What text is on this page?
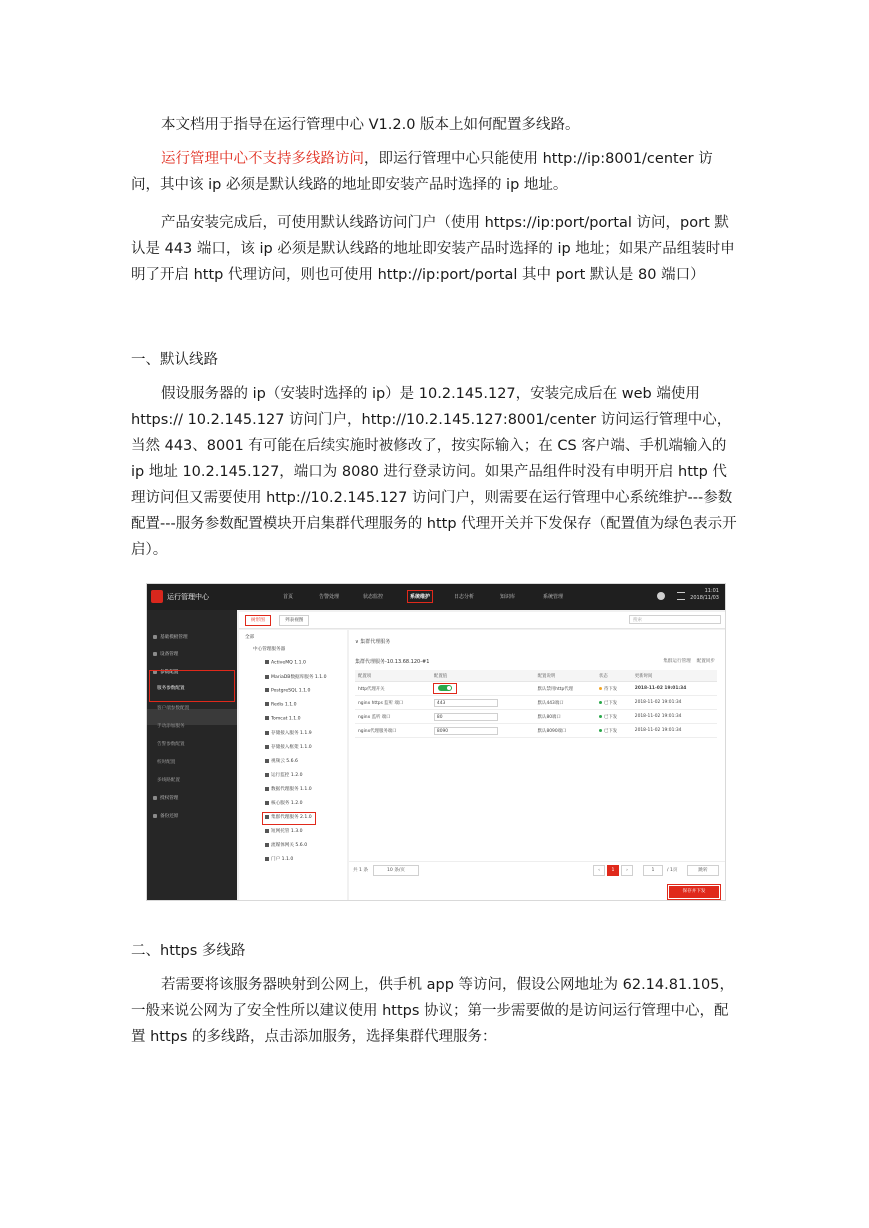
本文档用于指导在运行管理中心 V1.2.0 版本上如何配置多线路。

运行管理中心不支持多线路访问，即运行管理中心只能使用 http://ip:8001/center 访问，其中该 ip 必须是默认线路的地址即安装产品时选择的 ip 地址。

产品安装完成后，可使用默认线路访问门户（使用 https://ip:port/portal 访问，port 默认是 443 端口，该 ip 必须是默认线路的地址即安装产品时选择的 ip 地址；如果产品组装时申明了开启 http 代理访问，则也可使用 http://ip:port/portal 其中 port 默认是 80 端口）

一、默认线路

假设服务器的 ip（安装时选择的 ip）是 10.2.145.127，安装完成后在 web 端使用 https:// 10.2.145.127 访问门户，http://10.2.145.127:8001/center 访问运行管理中心，当然 443、8001 有可能在后续实施时被修改了，按实际输入；在 CS 客户端、手机端输入的 ip 地址 10.2.145.127，端口为 8080 进行登录访问。如果产品组件时没有申明开启 http 代理访问但又需要使用 http://10.2.145.127 访问门户，则需要在运行管理中心系统维护---参数配置---服务参数配置模块开启集群代理服务的 http 代理开关并下发保存（配置值为绿色表示开启）。

运行管理中心	首页	告警处理	状态监控	系统维护	日志分析	知识库	系统管理
11:01
2018/11/03
基础模板管理
设备管理
参数配置
服务参数配置
客户端参数配置
手动添加服务
告警参数配置
校时配置
多线路配置
授权管理
备份还原
树形图	列表视图	搜索
全部
中心管理服务器
ActiveMQ 1.1.0
MariaDB数据库服务 1.1.0
PostgreSQL 1.1.0
Redis 1.1.0
Tomcat 1.1.0
存储接入服务 1.1.9
存储接入框架 1.1.0
视频云 5.6.6
运行监控 1.2.0
数据代理服务 1.1.0
核心服务 1.2.0
集群代理服务 2.1.0
短网托管 1.3.0
流媒体网关 5.6.0
门户 1.1.0
∨ 集群代理服务
集群代理服务-10.13.68.120-#1	集群运行管理 配置同步
配置项	配置值	配置说明	状态	更新时间
http代理开关		默认禁用http代理	待下发	2018-11-02 19:01:34
nginx https 监听 端口	443	默认443端口	已下发	2018-11-02 19:01:34
nginx 监听 端口	80	默认80端口	已下发	2018-11-02 19:01:34
nginx代理服务端口	8090	默认8090端口	已下发	2018-11-02 19:01:34
共 1 条	10 条/页	‹	1	›	1	/ 1页	跳转
保存并下发

二、https 多线路

若需要将该服务器映射到公网上，供手机 app 等访问，假设公网地址为 62.14.81.105，一般来说公网为了安全性所以建议使用 https 协议；第一步需要做的是访问运行管理中心，配置 https 的多线路，点击添加服务，选择集群代理服务：
